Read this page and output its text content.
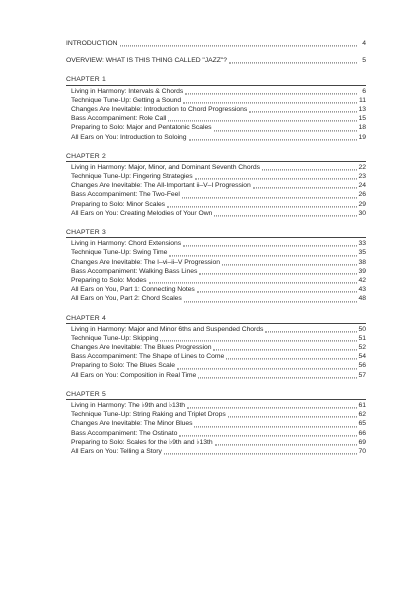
INTRODUCTION	4
OVERVIEW: WHAT IS THIS THING CALLED "JAZZ"?	5
CHAPTER 1
Living in Harmony: Intervals & Chords	6
Technique Tune-Up: Getting a Sound	11
Changes Are Inevitable: Introduction to Chord Progressions	13
Bass Accompaniment: Role Call	15
Preparing to Solo: Major and Pentatonic Scales	18
All Ears on You: Introduction to Soloing	19
CHAPTER 2
Living in Harmony: Major, Minor, and Dominant Seventh Chords	22
Technique Tune-Up: Fingering Strategies	23
Changes Are Inevitable: The All-Important ii–V–I Progression	24
Bass Accompaniment: The Two-Feel	26
Preparing to Solo: Minor Scales	29
All Ears on You: Creating Melodies of Your Own	30
CHAPTER 3
Living in Harmony: Chord Extensions	33
Technique Tune-Up: Swing Time	35
Changes Are Inevitable: The I–vi–ii–V Progression	38
Bass Accompaniment: Walking Bass Lines	39
Preparing to Solo: Modes	42
All Ears on You, Part 1: Connecting Notes	43
All Ears on You, Part 2: Chord Scales	48
CHAPTER 4
Living in Harmony: Major and Minor 6ths and Suspended Chords	50
Technique Tune-Up: Skipping	51
Changes Are Inevitable: The Blues Progression	52
Bass Accompaniment: The Shape of Lines to Come	54
Preparing to Solo: The Blues Scale	56
All Ears on You: Composition in Real Time	57
CHAPTER 5
Living in Harmony: The ♭9th and ♭13th	61
Technique Tune-Up: String Raking and Triplet Drops	62
Changes Are Inevitable: The Minor Blues	65
Bass Accompaniment: The Ostinato	66
Preparing to Solo: Scales for the ♭9th and ♭13th	69
All Ears on You: Telling a Story	70
